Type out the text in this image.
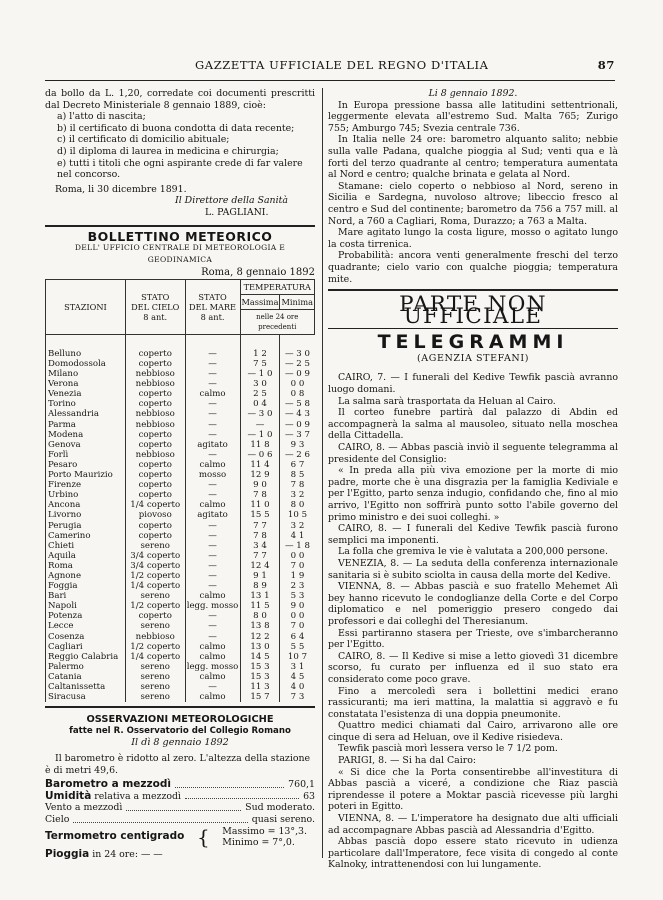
GAZZETTA UFFICIALE DEL REGNO D'ITALIA	87

da bollo da L. 1,20, corredate coi documenti prescritti dal Decreto Ministeriale 8 gennaio 1889, cioè:

a) l'atto di nascita;

b) il certificato di buona condotta di data recente;

c) il certificato di domicilio abituale;

d) il diploma di laurea in medicina e chirurgia;

e) tutti i titoli che ogni aspirante crede di far valere nel concorso.

Roma, li 30 dicembre 1891.

Il Direttore della Sanità

L. PAGLIANI.

BOLLETTINO METEORICO
DELL' UFFICIO CENTRALE DI METEOROLOGIA E GEODINAMICA
Roma, 8 gennaio 1892
STAZIONI	STATO
DEL CIELO
8 ant.	STATO
DEL MARE
8 ant.	TEMPERATURA	
			Massima	Minima
			nelle 24 ore precedenti	

Belluno	coperto	—	1 2	— 3 0
Domodossola	coperto	—	7 5	— 2 5
Milano	nebbioso	—	— 1 0	— 0 9
Verona	nebbioso	—	3 0	0 0
Venezia	coperto	calmo	2 5	0 8
Torino	coperto	—	0 4	— 5 8
Alessandria	nebbioso	—	— 3 0	— 4 3
Parma	nebbioso	—	—	— 0 9
Modena	coperto	—	— 1 0	— 3 7
Genova	coperto	agitato	11 8	9 3
Forlì	nebbioso	—	— 0 6	— 2 6
Pesaro	coperto	calmo	11 4	6 7
Porto Maurizio	coperto	mosso	12 9	8 5
Firenze	coperto	—	9 0	7 8
Urbino	coperto	—	7 8	3 2
Ancona	1/4 coperto	calmo	11 0	8 0
Livorno	piovoso	agitato	15 5	10 5
Perugia	coperto	—	7 7	3 2
Camerino	coperto	—	7 8	4 1
Chieti	sereno	—	3 4	— 1 8
Aquila	3/4 coperto	—	7 7	0 0
Roma	3/4 coperto	—	12 4	7 0
Agnone	1/2 coperto	—	9 1	1 9
Foggia	1/4 coperto	—	8 9	2 3
Bari	sereno	calmo	13 1	5 3
Napoli	1/2 coperto	legg. mosso	11 5	9 0
Potenza	coperto	—	8 0	0 0
Lecce	sereno	—	13 8	7 0
Cosenza	nebbioso	—	12 2	6 4
Cagliari	1/2 coperto	calmo	13 0	5 5
Reggio Calabria	1/4 coperto	calmo	14 5	10 7
Palermo	sereno	legg. mosso	15 3	3 1
Catania	sereno	calmo	15 3	4 5
Caltanissetta	sereno	—	11 3	4 0
Siracusa	sereno	calmo	15 7	7 3
OSSERVAZIONI METEOROLOGICHE
fatte nel R. Osservatorio del Collegio Romano
Il dì 8 gennaio 1892

Il barometro è ridotto al zero. L'altezza della stazione è di metri 49,6.

Barometro a mezzodì	760,1
Umidità relativa a mezzodì	63
Vento a mezzodì	Sud moderato.
Cielo	quasi sereno.
Termometro centigrado { Massimo = 13°,3.
Minimo = 7°,0.
Pioggia in 24 ore: — —

Li 8 gennaio 1892.

In Europa pressione bassa alle latitudini settentrionali, leggermente elevata all'estremo Sud. Malta 765; Zurigo 755; Amburgo 745; Svezia centrale 736.

In Italia nelle 24 ore: barometro alquanto salito; nebbie sulla valle Padana, qualche pioggia al Sud; venti qua e là forti del terzo quadrante al centro; temperatura aumentata al Nord e centro; qualche brinata e gelata al Nord.

Stamane: cielo coperto o nebbioso al Nord, sereno in Sicilia e Sardegna, nuvoloso altrove; libeccio fresco al centro e Sud del continente; barometro da 756 a 757 mill. al Nord, a 760 a Cagliari, Roma, Durazzo; a 763 a Malta.

Mare agitato lungo la costa ligure, mosso o agitato lungo la costa tirrenica.

Probabilità: ancora venti generalmente freschi del terzo quadrante; cielo vario con qualche pioggia; temperatura mite.

PARTE NON UFFICIALE
TELEGRAMMI
(AGENZIA STEFANI)

CAIRO, 7. — I funerali del Kedive Tewfik pascià avranno luogo domani.

La salma sarà trasportata da Heluan al Cairo.

Il corteo funebre partirà dal palazzo di Abdin ed accompagnerà la salma al mausoleo, situato nella moschea della Cittadella.

CAIRO, 8. — Abbas pascià inviò il seguente telegramma al presidente del Consiglio:

« In preda alla più viva emozione per la morte di mio padre, morte che è una disgrazia per la famiglia Kediviale e per l'Egitto, parto senza indugio, confidando che, fino al mio arrivo, l'Egitto non soffrirà punto sotto l'abile governo del primo ministro e dei suoi colleghi. »

CAIRO, 8. — I funerali del Kedive Tewfik pascià furono semplici ma imponenti.

La folla che gremiva le vie è valutata a 200,000 persone.

VENEZIA, 8. — La seduta della conferenza internazionale sanitaria si è subito sciolta in causa della morte del Kedive.

VIENNA, 8. — Abbas pascià e suo fratello Mehemet Alì bey hanno ricevuto le condoglianze della Corte e del Corpo diplomatico e nel pomeriggio presero congedo dai professori e dai colleghi del Theresianum.

Essi partiranno stasera per Trieste, ove s'imbarcheranno per l'Egitto.

CAIRO, 8. — Il Kedive si mise a letto giovedì 31 dicembre scorso, fu curato per influenza ed il suo stato era considerato come poco grave.

Fino a mercoledì sera i bollettini medici erano rassicuranti; ma ieri mattina, la malattia si aggravò e fu constatata l'esistenza di una doppia pneumonite.

Quattro medici chiamati dal Cairo, arrivarono alle ore cinque di sera ad Heluan, ove il Kedive risiedeva.

Tewfik pascià morì lessera verso le 7 1/2 pom.

PARIGI, 8. — Si ha dal Cairo:

« Si dice che la Porta consentirebbe all'investitura di Abbas pascià a viceré, a condizione che Riaz pascià riprendesse il potere a Moktar pascià ricevesse più larghi poteri in Egitto.

VIENNA, 8. — L'imperatore ha designato due alti ufficiali ad accompagnare Abbas pascià ad Alessandria d'Egitto.

Abbas pascià dopo essere stato ricevuto in udienza particolare dall'Imperatore, fece visita di congedo al conte Kalnoky, intrattenendosi con lui lungamente.
